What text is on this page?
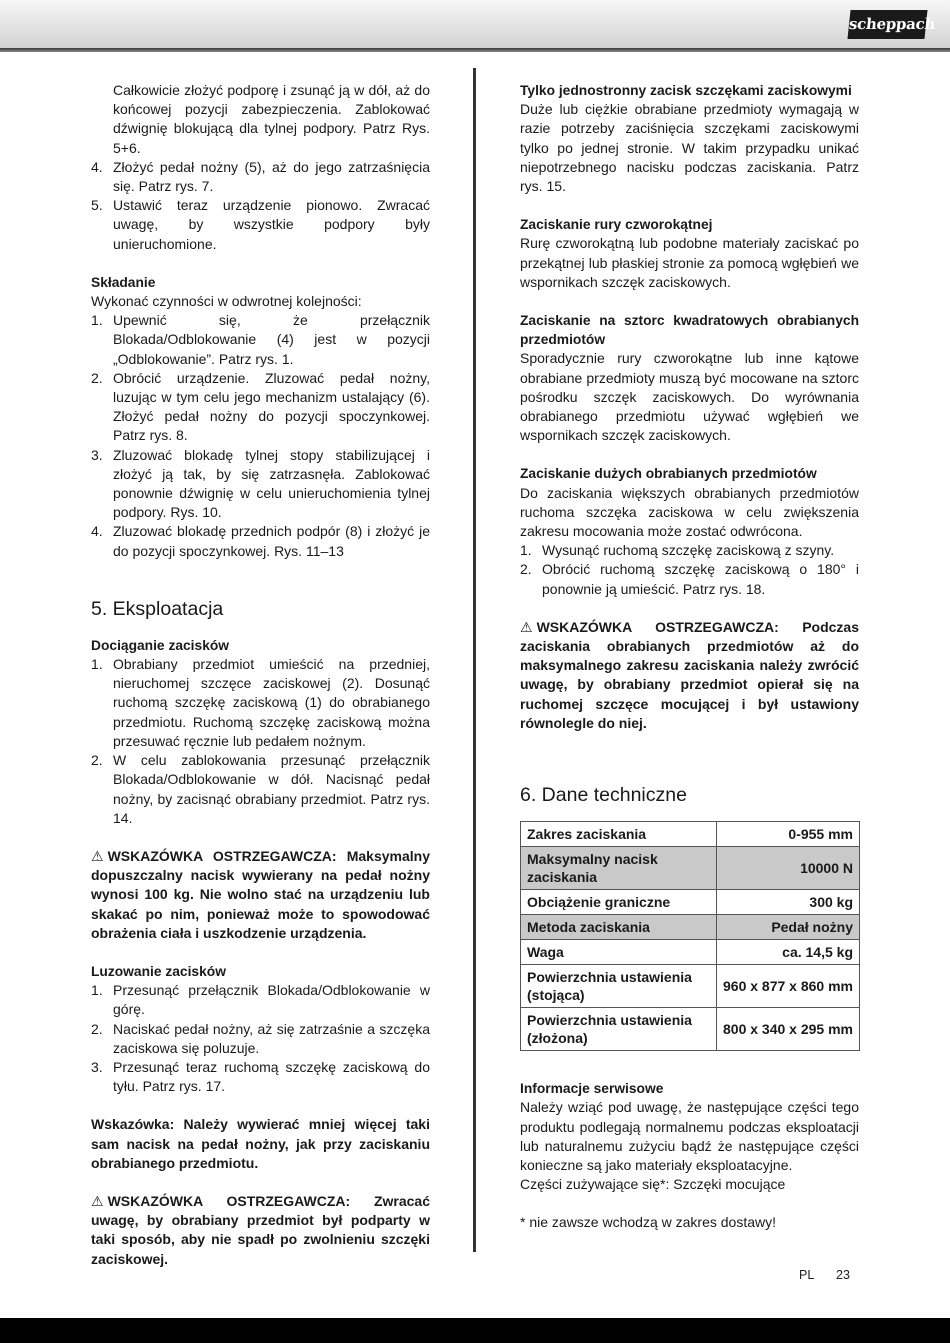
scheppach

Całkowicie złożyć podporę i zsunąć ją w dół, aż do końcowej pozycji zabezpieczenia. Zablokować dźwignię blokującą dla tylnej podpory. Patrz Rys. 5+6.

4. Złożyć pedał nożny (5), aż do jego zatrzaśnięcia się. Patrz rys. 7.
5. Ustawić teraz urządzenie pionowo. Zwracać uwagę, by wszystkie podpory były unieruchomione.

Składanie

Wykonać czynności w odwrotnej kolejności:

1. Upewnić się, że przełącznik Blokada/Odblokowanie (4) jest w pozycji „Odblokowanie”. Patrz rys. 1.
2. Obrócić urządzenie. Zluzować pedał nożny, luzując w tym celu jego mechanizm ustalający (6). Złożyć pedał nożny do pozycji spoczynkowej. Patrz rys. 8.
3. Zluzować blokadę tylnej stopy stabilizującej i złożyć ją tak, by się zatrzasnęła. Zablokować ponownie dźwignię w celu unieruchomienia tylnej podpory. Rys. 10.
4. Zluzować blokadę przednich podpór (8) i złożyć je do pozycji spoczynkowej. Rys. 11–13
5. Eksploatacja

Dociąganie zacisków

1. Obrabiany przedmiot umieścić na przedniej, nieruchomej szczęce zaciskowej (2). Dosunąć ruchomą szczękę zaciskową (1) do obrabianego przedmiotu. Ruchomą szczękę zaciskową można przesuwać ręcznie lub pedałem nożnym.
2. W celu zablokowania przesunąć przełącznik Blokada/Odblokowanie w dół. Nacisnąć pedał nożny, by zacisnąć obrabiany przedmiot. Patrz rys. 14.

⚠ WSKAZÓWKA OSTRZEGAWCZA: Maksymalny dopuszczalny nacisk wywierany na pedał nożny wynosi 100 kg. Nie wolno stać na urządzeniu lub skakać po nim, ponieważ może to spowodować obrażenia ciała i uszkodzenie urządzenia.

Luzowanie zacisków

1. Przesunąć przełącznik Blokada/Odblokowanie w górę.
2. Naciskać pedał nożny, aż się zatrzaśnie a szczęka zaciskowa się poluzuje.
3. Przesunąć teraz ruchomą szczękę zaciskową do tyłu. Patrz rys. 17.

Wskazówka: Należy wywierać mniej więcej taki sam nacisk na pedał nożny, jak przy zaciskaniu obrabianego przedmiotu.

⚠ WSKAZÓWKA OSTRZEGAWCZA: Zwracać uwagę, by obrabiany przedmiot był podparty w taki sposób, aby nie spadł po zwolnieniu szczęki zaciskowej.

Tylko jednostronny zacisk szczękami zaciskowymi

Duże lub ciężkie obrabiane przedmioty wymagają w razie potrzeby zaciśnięcia szczękami zaciskowymi tylko po jednej stronie. W takim przypadku unikać niepotrzebnego nacisku podczas zaciskania. Patrz rys. 15.

Zaciskanie rury czworokątnej

Rurę czworokątną lub podobne materiały zaciskać po przekątnej lub płaskiej stronie za pomocą wgłębień we wspornikach szczęk zaciskowych.

Zaciskanie na sztorc kwadratowych obrabianych przedmiotów

Sporadycznie rury czworokątne lub inne kątowe obrabiane przedmioty muszą być mocowane na sztorc pośrodku szczęk zaciskowych. Do wyrównania obrabianego przedmiotu używać wgłębień we wspornikach szczęk zaciskowych.

Zaciskanie dużych obrabianych przedmiotów

Do zaciskania większych obrabianych przedmiotów ruchoma szczęka zaciskowa w celu zwiększenia zakresu mocowania może zostać odwrócona.

1. Wysunąć ruchomą szczękę zaciskową z szyny.
2. Obrócić ruchomą szczękę zaciskową o 180° i ponownie ją umieścić. Patrz rys. 18.

⚠ WSKAZÓWKA OSTRZEGAWCZA: Podczas zaciskania obrabianych przedmiotów aż do maksymalnego zakresu zaciskania należy zwrócić uwagę, by obrabiany przedmiot opierał się na ruchomej szczęce mocującej i był ustawiony równolegle do niej.

6. Dane techniczne
Zakres zaciskania	0-955 mm
Maksymalny nacisk zaciskania	10000 N
Obciążenie graniczne	300 kg
Metoda zaciskania	Pedał nożny
Waga	ca. 14,5 kg
Powierzchnia ustawienia (stojąca)	960 x 877 x 860 mm
Powierzchnia ustawienia (złożona)	800 x 340 x 295 mm

Informacje serwisowe

Należy wziąć pod uwagę, że następujące części tego produktu podlegają normalnemu podczas eksploatacji lub naturalnemu zużyciu bądź że następujące części konieczne są jako materiały eksploatacyjne.

Części zużywające się*: Szczęki mocujące

* nie zawsze wchodzą w zakres dostawy!

PL 23
